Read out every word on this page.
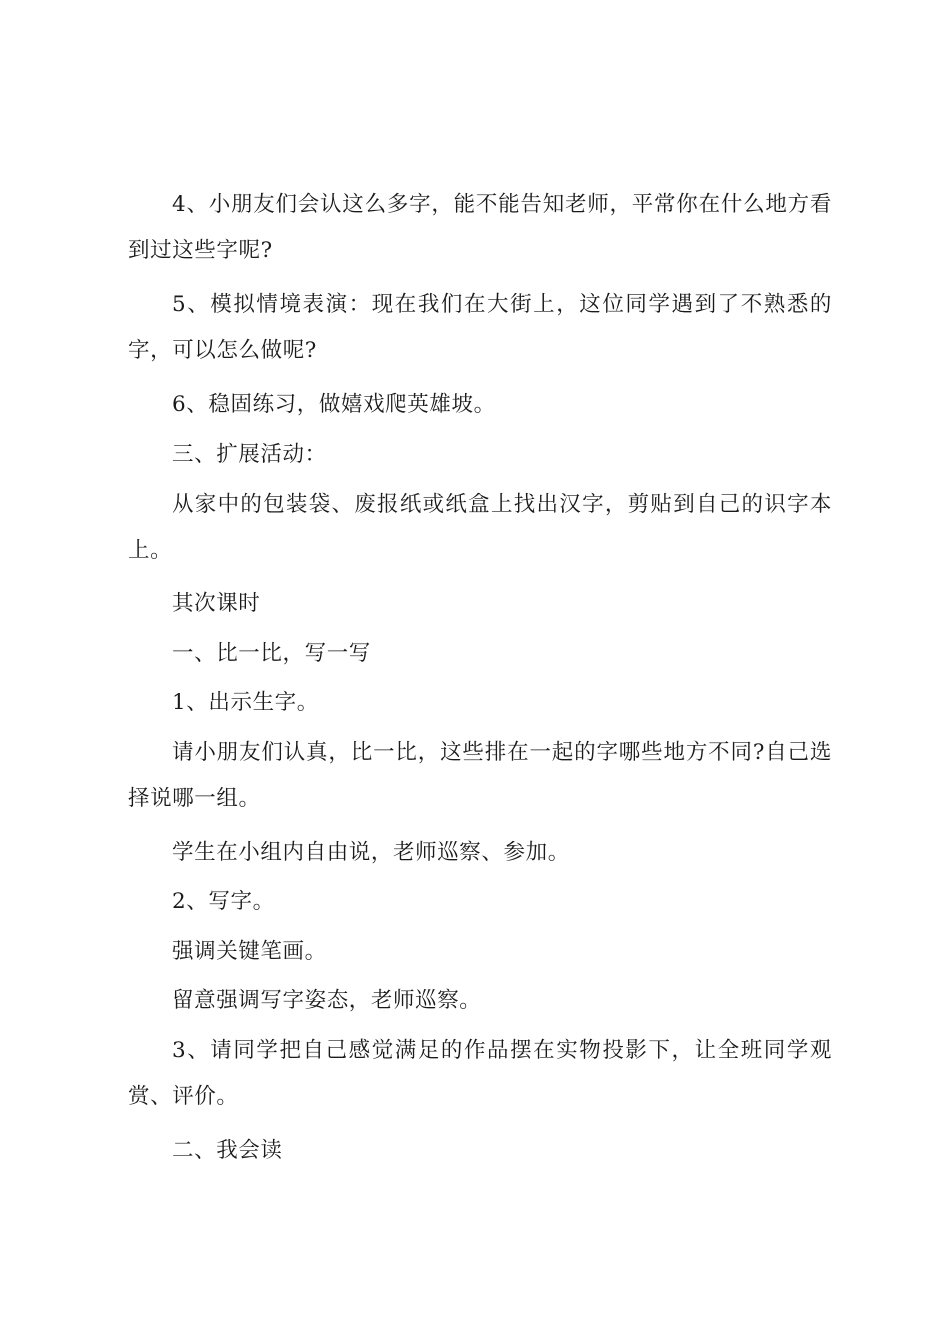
4、小朋友们会认这么多字，能不能告知老师，平常你在什么地方看到过这些字呢?

5、模拟情境表演：现在我们在大街上，这位同学遇到了不熟悉的字，可以怎么做呢?

6、稳固练习，做嬉戏爬英雄坡。

三、扩展活动：

从家中的包装袋、废报纸或纸盒上找出汉字，剪贴到自己的识字本上。

其次课时

一、比一比，写一写

1、出示生字。

请小朋友们认真，比一比，这些排在一起的字哪些地方不同?自己选择说哪一组。

学生在小组内自由说，老师巡察、参加。

2、写字。

强调关键笔画。

留意强调写字姿态，老师巡察。

3、请同学把自己感觉满足的作品摆在实物投影下，让全班同学观赏、评价。

二、我会读
